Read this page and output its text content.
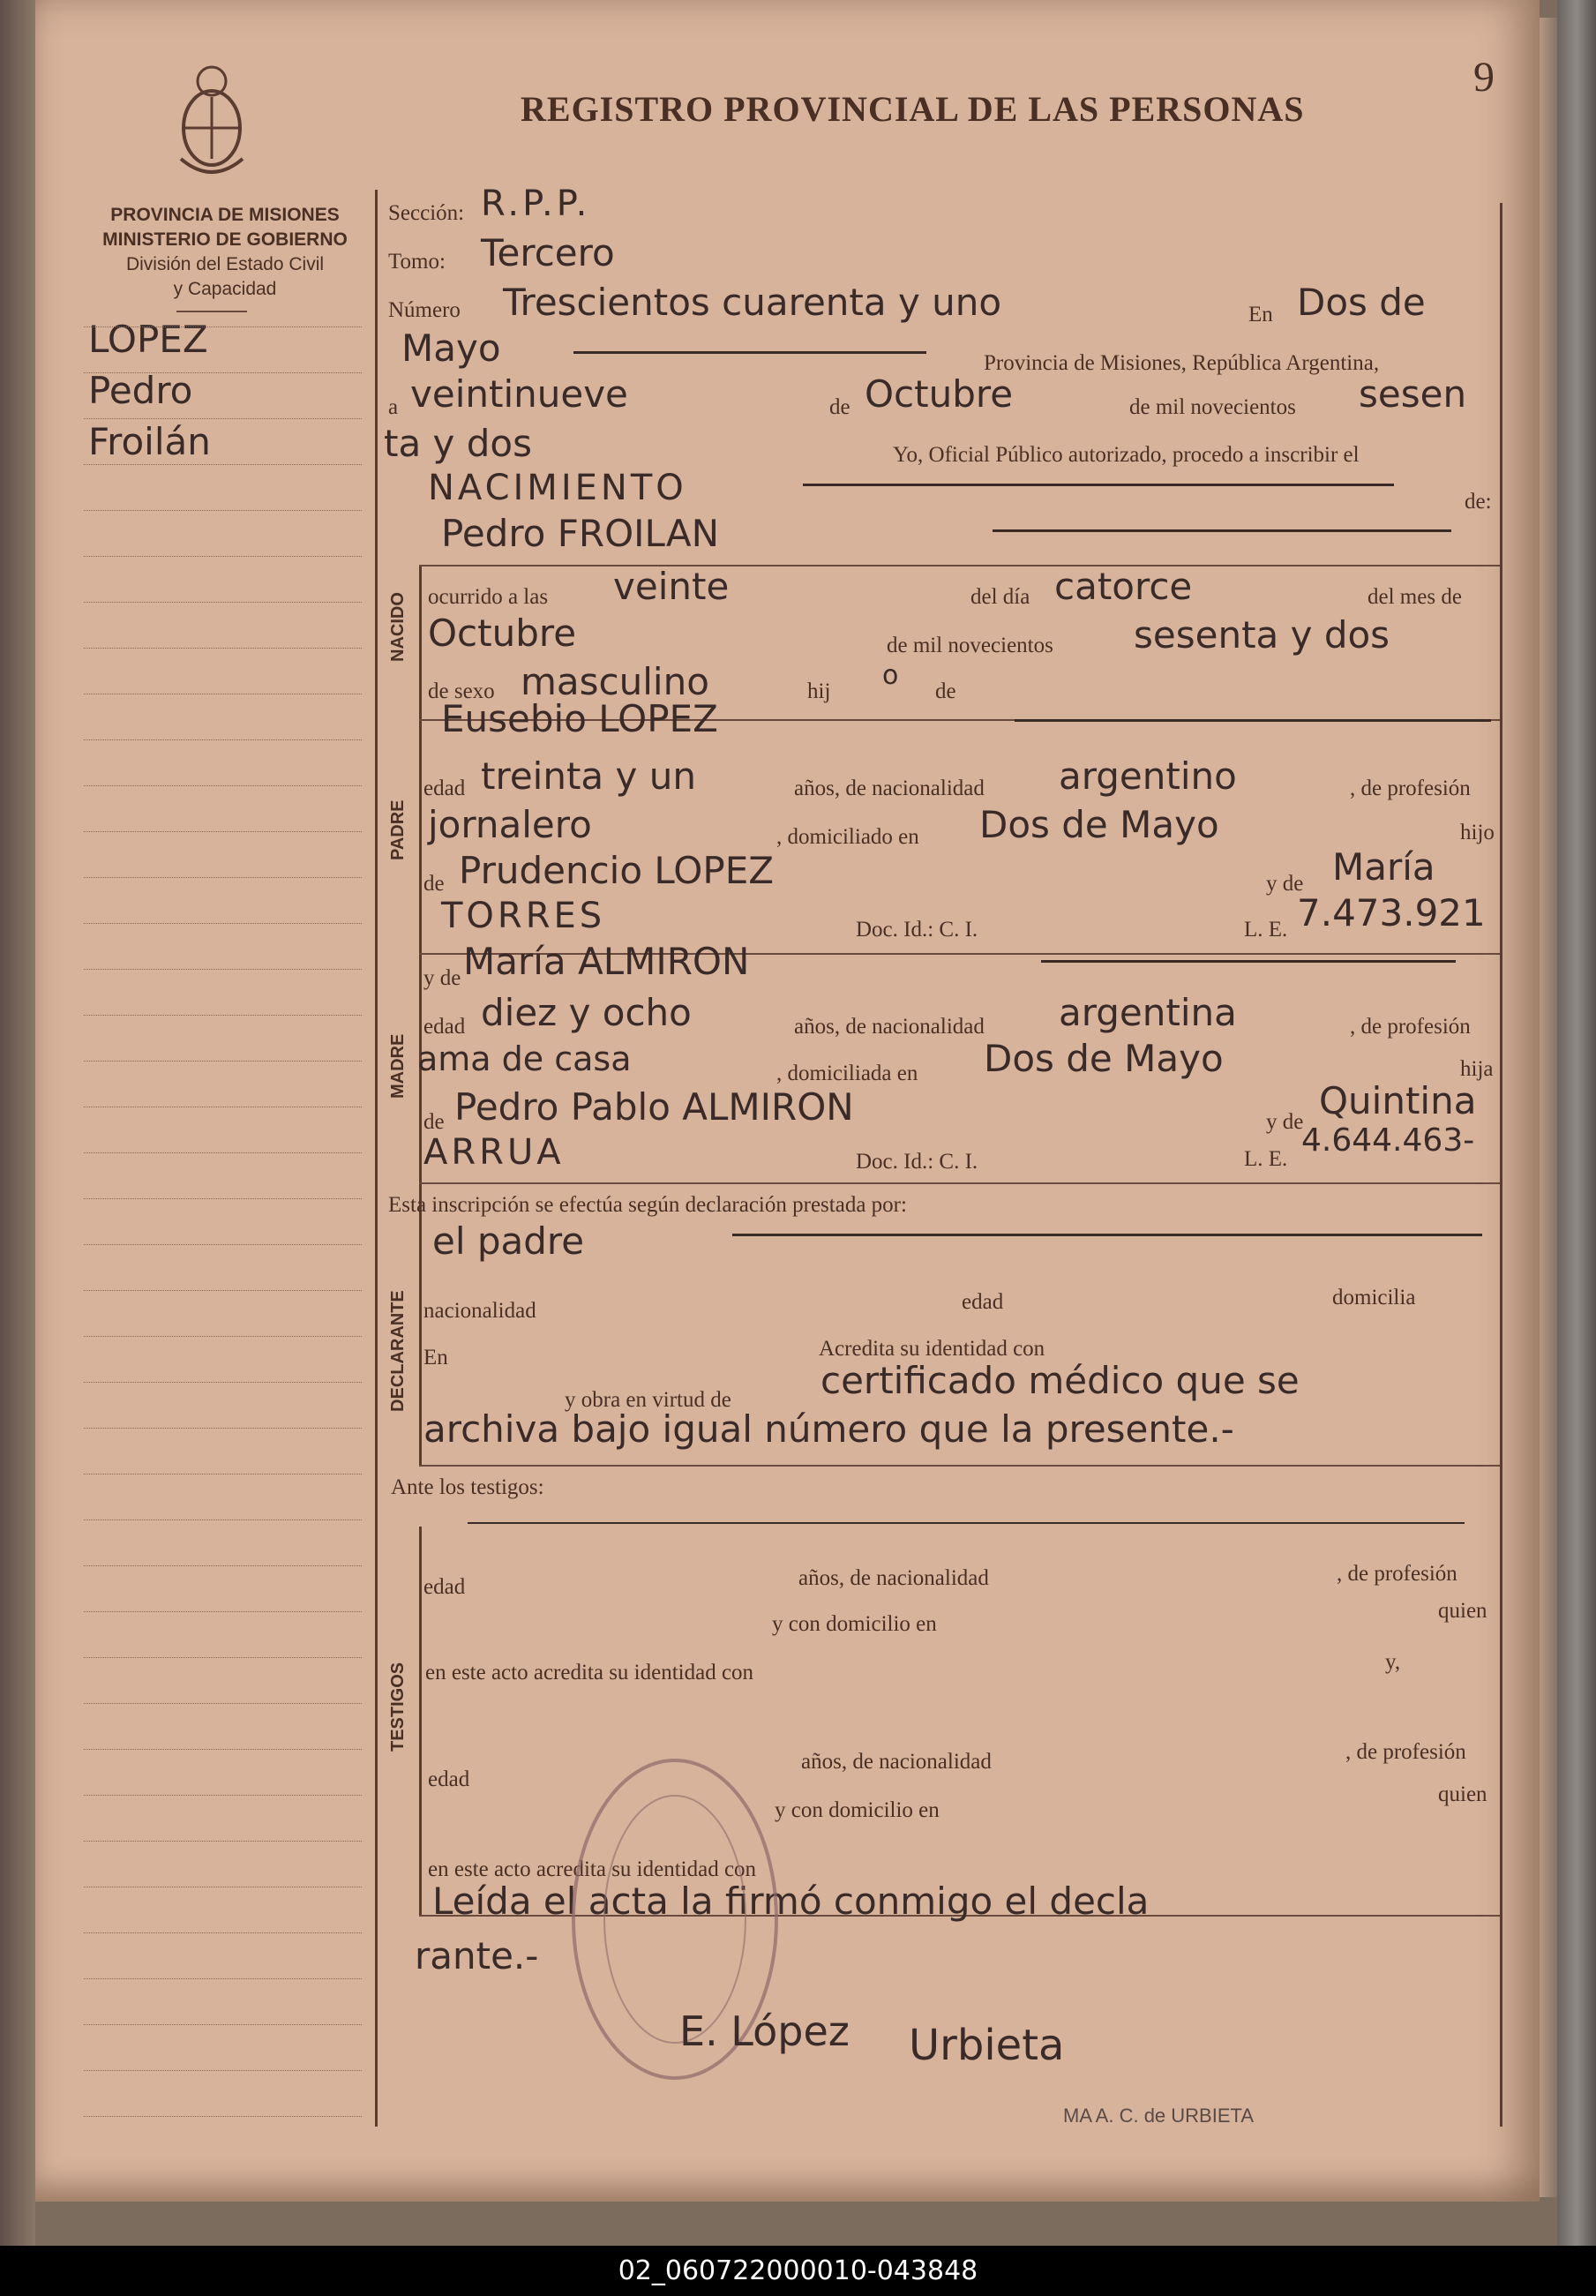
REGISTRO PROVINCIAL DE LAS PERSONAS
9
PROVINCIA DE MISIONES
MINISTERIO DE GOBIERNO
División del Estado Civil
y Capacidad
LOPEZ
Pedro
Froilán
NACIDO
PADRE
MADRE
DECLARANTE
TESTIGOS
Sección: R.P.P.
Tomo: Tercero
Número Trescientos cuarenta y uno	En Dos de
Mayo	Provincia de Misiones, República Argentina,
a veintinueve	de Octubre	de mil novecientos sesen
ta y dos	Yo, Oficial Público autorizado, procedo a inscribir el
NACIMIENTO	de:
Pedro FROILAN
ocurrido a las veinte	del día catorce	del mes de
Octubre	de mil novecientos sesenta y dos
de sexo masculino	hij
o
de
Eusebio LOPEZ
edad treinta y un	años, de nacionalidad argentino	, de profesión
jornalero	, domiciliado en Dos de Mayo	hijo
de Prudencio LOPEZ	y de María
TORRES	Doc. Id.: C. I.	L. E. 7.473.921
y de María ALMIRON
edad diez y ocho	años, de nacionalidad argentina	, de profesión
ama de casa	, domiciliada en Dos de Mayo	hija
de Pedro Pablo ALMIRON	y de Quintina
ARRUA	Doc. Id.: C. I.	L. E.
4.644.463-
Esta inscripción se efectúa según declaración prestada por:
el padre
nacionalidad	edad	domicilia
En	Acredita su identidad con
y obra en virtud de certificado médico que se
archiva bajo igual número que la presente.-
Ante los testigos:
edad	años, de nacionalidad	, de profesión
y con domicilio en
quien
en este acto acredita su identidad con	y,
edad
años, de nacionalidad	, de profesión
y con domicilio en
quien
en este acto acredita su identidad con
Leída el acta la firmó conmigo el decla
rante.-
E. López Urbieta
MA A. C. de URBIETA
02_060722000010-043848
